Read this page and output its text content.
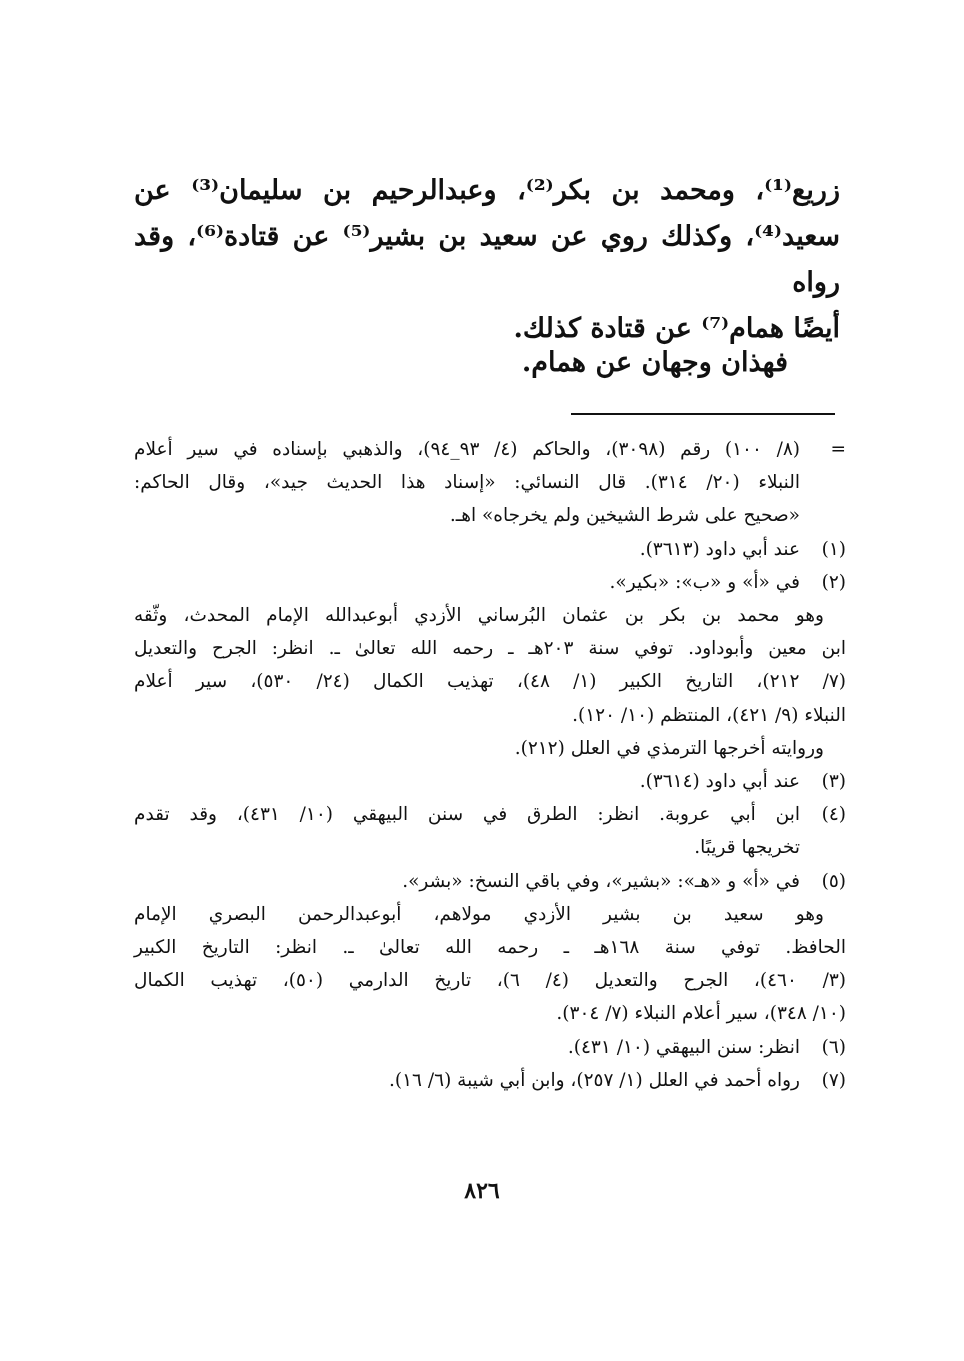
زريع⁽¹⁾، ومحمد بن بكر⁽²⁾، وعبدالرحيم بن سليمان⁽³⁾ عن
سعيد⁽⁴⁾، وكذلك روي عن سعيد بن بشير⁽⁵⁾ عن قتادة⁽⁶⁾، وقد رواه
أيضًا همام⁽⁷⁾ عن قتادة كذلك.
فهذان وجهان عن همام.
=
(٨/ ١٠٠) رقم (٣٠٩٨)، والحاكم (٤/ ٩٣_٩٤)، والذهبي بإسناده في سير أعلام
النبلاء (٢٠/ ٣١٤). قال النسائي: «إسناد هذا الحديث جيد»، وقال الحاكم:
«صحيح على شرط الشيخين ولم يخرجاه» اهـ.
(١)
عند أبي داود (٣٦١٣).
(٢)
في «أ» و «ب»: «بكير».
وهو محمد بن بكر بن عثمان البُرساني الأزدي أبوعبدالله الإمام المحدث، وثّقه
ابن معين وأبوداود. توفي سنة ٢٠٣هـ ـ رحمه الله تعالىٰ ـ. انظر: الجرح والتعديل
(٧/ ٢١٢)، التاريخ الكبير (١/ ٤٨)، تهذيب الكمال (٢٤/ ٥٣٠)، سير أعلام
النبلاء (٩/ ٤٢١)، المنتظم (١٠/ ١٢٠).
وروايته أخرجها الترمذي في العلل (٢١٢).
(٣)
عند أبي داود (٣٦١٤).
(٤)
ابن أبي عروبة. انظر: الطرق في سنن البيهقي (١٠/ ٤٣١)، وقد تقدم
تخريجها قريبًا.
(٥)
في «أ» و «هـ»: «بشير»، وفي باقي النسخ: «بشر».
وهو سعيد بن بشير الأزدي مولاهم، أبوعبدالرحمن البصري الإمام
الحافظ. توفي سنة ١٦٨هـ ـ رحمه الله تعالىٰ ـ. انظر: التاريخ الكبير
(٣/ ٤٦٠)، الجرح والتعديل (٤/ ٦)، تاريخ الدارمي (٥٠)، تهذيب الكمال
(١٠/ ٣٤٨)، سير أعلام النبلاء (٧/ ٣٠٤).
(٦)
انظر: سنن البيهقي (١٠/ ٤٣١).
(٧)
رواه أحمد في العلل (١/ ٢٥٧)، وابن أبي شيبة (٦/ ١٦).
٨٢٦
